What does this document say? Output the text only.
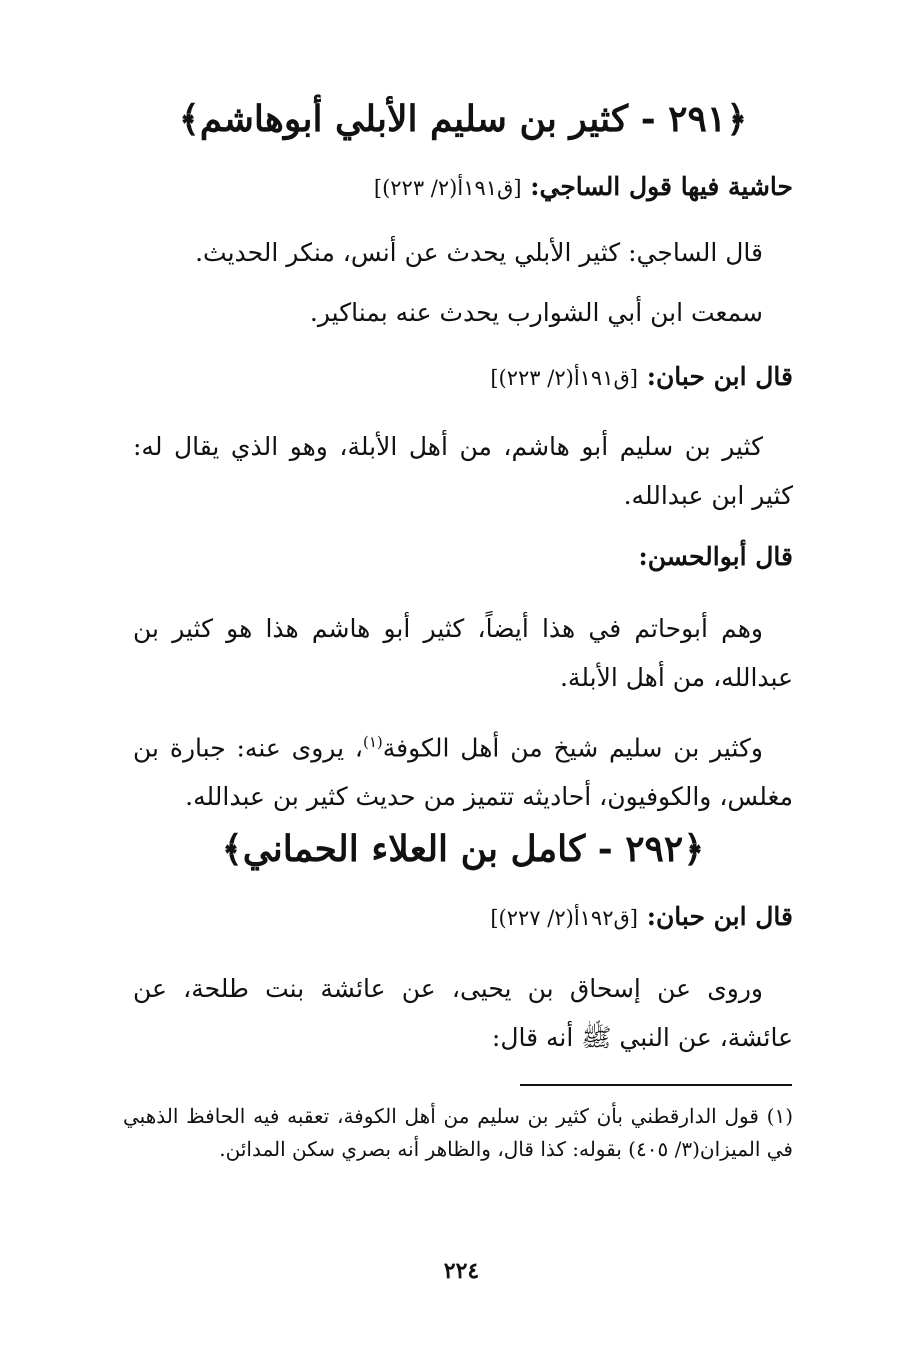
﴿٢٩١ - كثير بن سليم الأبلي أبوهاشم﴾
حاشية فيها قول الساجي: [ق١٩١أ(٢/ ٢٢٣)]
قال الساجي: كثير الأبلي يحدث عن أنس، منكر الحديث.
سمعت ابن أبي الشوارب يحدث عنه بمناكير.
قال ابن حبان: [ق١٩١أ(٢/ ٢٢٣)]
كثير بن سليم أبو هاشم، من أهل الأبلة، وهو الذي يقال له: كثير ابن عبدالله.
قال أبوالحسن:
وهم أبوحاتم في هذا أيضاً، كثير أبو هاشم هذا هو كثير بن عبدالله، من أهل الأبلة.
وكثير بن سليم شيخ من أهل الكوفة$^{(١)}$، يروى عنه: جبارة بن مغلس، والكوفيون، أحاديثه تتميز من حديث كثير بن عبدالله.
﴿٢٩٢ - كامل بن العلاء الحماني﴾
قال ابن حبان: [ق١٩٢أ(٢/ ٢٢٧)]
وروى عن إسحاق بن يحيى، عن عائشة بنت طلحة، عن عائشة، عن النبي ﷺ أنه قال:
(١) قول الدارقطني بأن كثير بن سليم من أهل الكوفة، تعقبه فيه الحافظ الذهبي في الميزان(٣/ ٤٠٥) بقوله: كذا قال، والظاهر أنه بصري سكن المدائن.
٢٢٤
